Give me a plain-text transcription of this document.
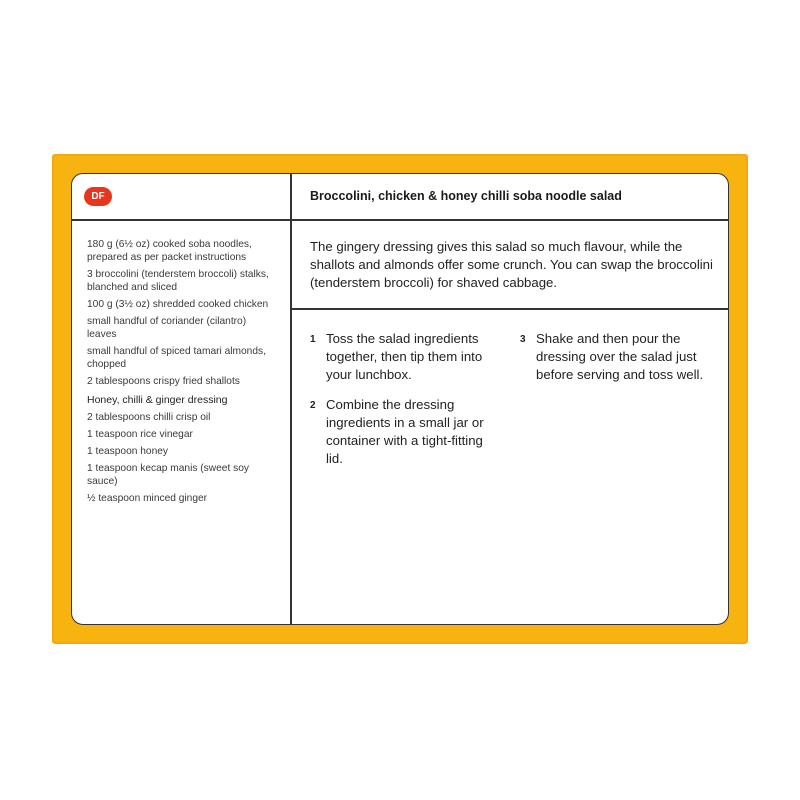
DF	Broccolini, chicken & honey chilli soba noodle salad
180 g (6½ oz) cooked soba noodles, prepared as per packet instructions
3 broccolini (tenderstem broccoli) stalks, blanched and sliced
100 g (3½ oz) shredded cooked chicken
small handful of coriander (cilantro) leaves
small handful of spiced tamari almonds, chopped
2 tablespoons crispy fried shallots
Honey, chilli & ginger dressing
2 tablespoons chilli crisp oil
1 teaspoon rice vinegar
1 teaspoon honey
1 teaspoon kecap manis (sweet soy sauce)
½ teaspoon minced ginger
The gingery dressing gives this salad so much flavour, while the shallots and almonds offer some crunch. You can swap the broccolini (tenderstem broccoli) for shaved cabbage.
1 Toss the salad ingredients together, then tip them into your lunchbox.
2 Combine the dressing ingredients in a small jar or container with a tight-fitting lid.
3 Shake and then pour the dressing over the salad just before serving and toss well.
